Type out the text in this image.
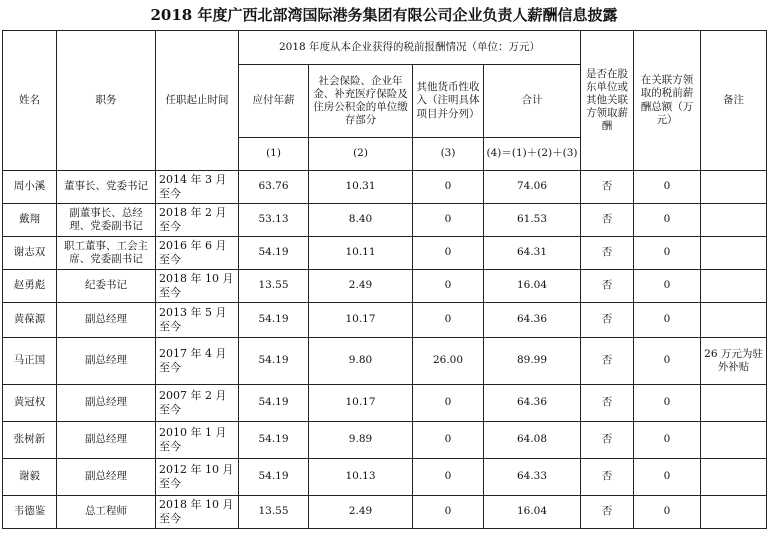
2018 年度广西北部湾国际港务集团有限公司企业负责人薪酬信息披露
姓名	职务	任职起止时间	2018 年度从本企业获得的税前报酬情况（单位：万元）				是否在股东单位或其他关联方领取薪酬	在关联方领取的税前薪酬总额（万元）	备注
			应付年薪	社会保险、企业年金、补充医疗保险及住房公积金的单位缴存部分	其他货币性收入（注明具体项目并分列）	合计			
			(1)	(2)	(3)	(4)＝(1)＋(2)＋(3)			
周小溪	董事长、党委书记	2014 年 3 月至今	63.76	10.31	0	74.06	否	0	
戴翔	副董事长、总经理、党委副书记	2018 年 2 月至今	53.13	8.40	0	61.53	否	0	
谢志双	职工董事、工会主席、党委副书记	2016 年 6 月至今	54.19	10.11	0	64.31	否	0	
赵勇彪	纪委书记	2018 年 10 月至今	13.55	2.49	0	16.04	否	0	
黄葆源	副总经理	2013 年 5 月至今	54.19	10.17	0	64.36	否	0	
马正国	副总经理	2017 年 4 月至今	54.19	9.80	26.00	89.99	否	0	26 万元为驻外补贴
黄冠权	副总经理	2007 年 2 月至今	54.19	10.17	0	64.36	否	0	
张树新	副总经理	2010 年 1 月至今	54.19	9.89	0	64.08	否	0	
谢毅	副总经理	2012 年 10 月至今	54.19	10.13	0	64.33	否	0	
韦德鉴	总工程师	2018 年 10 月至今	13.55	2.49	0	16.04	否	0	
